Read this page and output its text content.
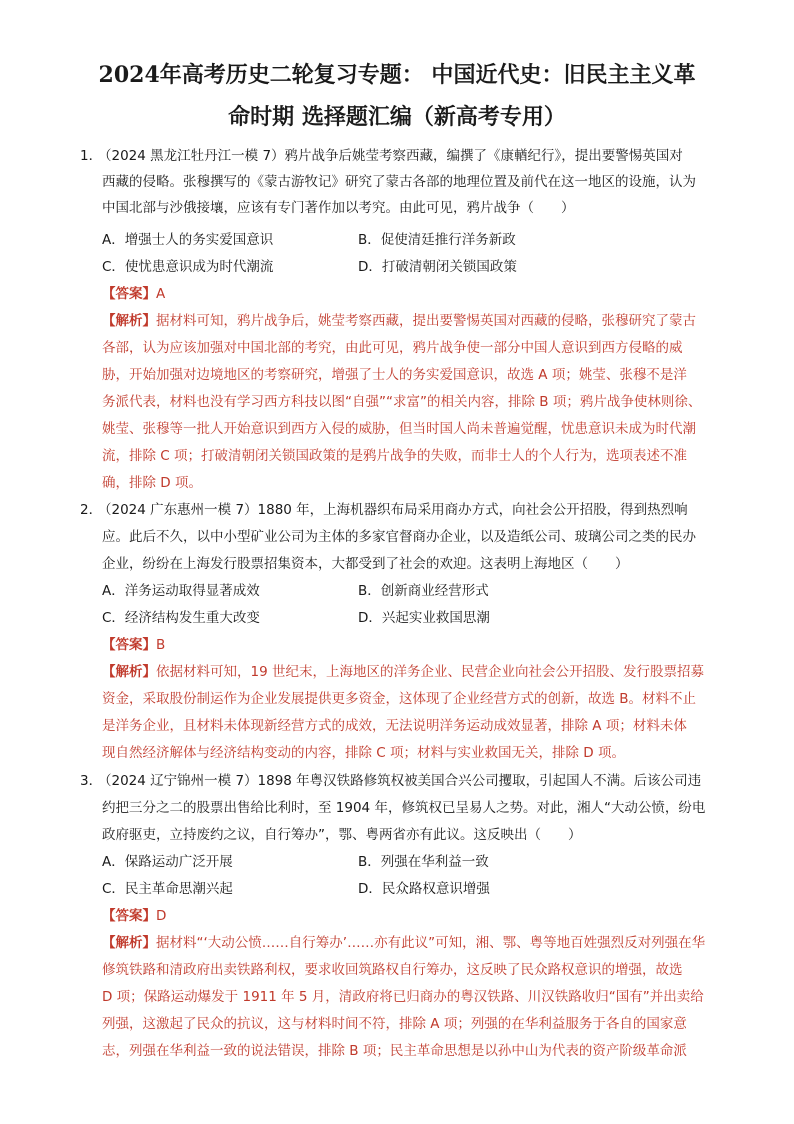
2024年高考历史二轮复习专题： 中国近代史：旧民主主义革
命时期 选择题汇编（新高考专用）
1．
（2024 黑龙江牡丹江一模 7）鸦片战争后姚莹考察西藏，编撰了《康輶纪行》，提出要警惕英国对
西藏的侵略。张穆撰写的《蒙古游牧记》研究了蒙古各部的地理位置及前代在这一地区的设施，认为
中国北部与沙俄接壤，应该有专门著作加以考究。由此可见，鸦片战争（　　）
A．增强士人的务实爱国意识	B．促使清廷推行洋务新政
C．使忧患意识成为时代潮流	D．打破清朝闭关锁国政策
【答案】A
【解析】据材料可知，鸦片战争后，姚莹考察西藏，提出要警惕英国对西藏的侵略，张穆研究了蒙古
各部，认为应该加强对中国北部的考究，由此可见，鸦片战争使一部分中国人意识到西方侵略的威
胁，开始加强对边境地区的考察研究，增强了士人的务实爱国意识，故选 A 项；姚莹、张穆不是洋
务派代表，材料也没有学习西方科技以图“自强”“求富”的相关内容，排除 B 项；鸦片战争使林则徐、
姚莹、张穆等一批人开始意识到西方入侵的威胁，但当时国人尚未普遍觉醒，忧患意识未成为时代潮
流，排除 C 项；打破清朝闭关锁国政策的是鸦片战争的失败，而非士人的个人行为，选项表述不准
确，排除 D 项。
2．
（2024 广东惠州一模 7）1880 年，上海机器织布局采用商办方式，向社会公开招股，得到热烈响
应。此后不久，以中小型矿业公司为主体的多家官督商办企业，以及造纸公司、玻璃公司之类的民办
企业，纷纷在上海发行股票招集资本，大都受到了社会的欢迎。这表明上海地区（　　）
A．洋务运动取得显著成效	B．创新商业经营形式
C．经济结构发生重大改变	D．兴起实业救国思潮
【答案】B
【解析】依据材料可知，19 世纪末，上海地区的洋务企业、民营企业向社会公开招股、发行股票招募
资金，采取股份制运作为企业发展提供更多资金，这体现了企业经营方式的创新，故选 B。材料不止
是洋务企业，且材料未体现新经营方式的成效，无法说明洋务运动成效显著，排除 A 项；材料未体
现自然经济解体与经济结构变动的内容，排除 C 项；材料与实业救国无关，排除 D 项。
3．
（2024 辽宁锦州一模 7）1898 年粤汉铁路修筑权被美国合兴公司攫取，引起国人不满。后该公司违
约把三分之二的股票出售给比利时，至 1904 年，修筑权已呈易人之势。对此，湘人“大动公愤，纷电
政府驱吏，立持废约之议，自行筹办”，鄂、粤两省亦有此议。这反映出（　　）
A．保路运动广泛开展	B．列强在华利益一致
C．民主革命思潮兴起	D．民众路权意识增强
【答案】D
【解析】据材料“‘大动公愤……自行筹办’……亦有此议”可知，湘、鄂、粤等地百姓强烈反对列强在华
修筑铁路和清政府出卖铁路利权，要求收回筑路权自行筹办，这反映了民众路权意识的增强，故选
D 项；保路运动爆发于 1911 年 5 月，清政府将已归商办的粤汉铁路、川汉铁路收归“国有”并出卖给
列强，这激起了民众的抗议，这与材料时间不符，排除 A 项；列强的在华利益服务于各自的国家意
志，列强在华利益一致的说法错误，排除 B 项；民主革命思想是以孙中山为代表的资产阶级革命派
